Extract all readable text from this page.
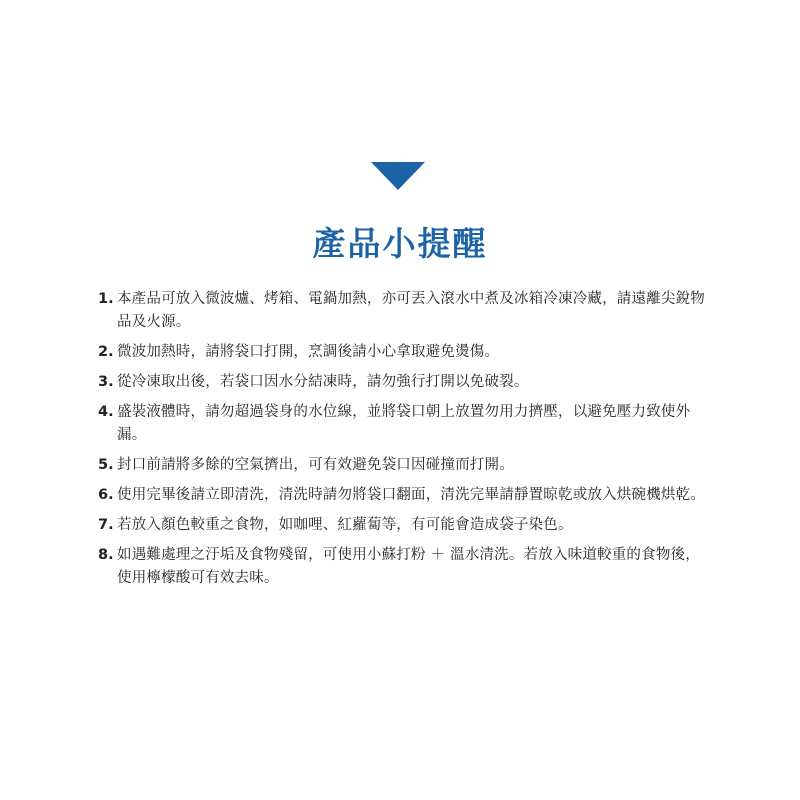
產品小提醒
1. 本產品可放入微波爐、烤箱、電鍋加熱，亦可丟入滾水中煮及冰箱冷凍冷藏，請遠離尖銳物品及火源。
2. 微波加熱時，請將袋口打開，烹調後請小心拿取避免燙傷。
3. 從冷凍取出後，若袋口因水分結凍時，請勿強行打開以免破裂。
4. 盛裝液體時，請勿超過袋身的水位線，並將袋口朝上放置勿用力擠壓，以避免壓力致使外漏。
5. 封口前請將多餘的空氣擠出，可有效避免袋口因碰撞而打開。
6. 使用完畢後請立即清洗，清洗時請勿將袋口翻面，清洗完畢請靜置晾乾或放入烘碗機烘乾。
7. 若放入顏色較重之食物，如咖哩、紅蘿蔔等，有可能會造成袋子染色。
8. 如遇難處理之汙垢及食物殘留，可使用小蘇打粉 ＋ 溫水清洗。若放入味道較重的食物後，使用檸檬酸可有效去味。
